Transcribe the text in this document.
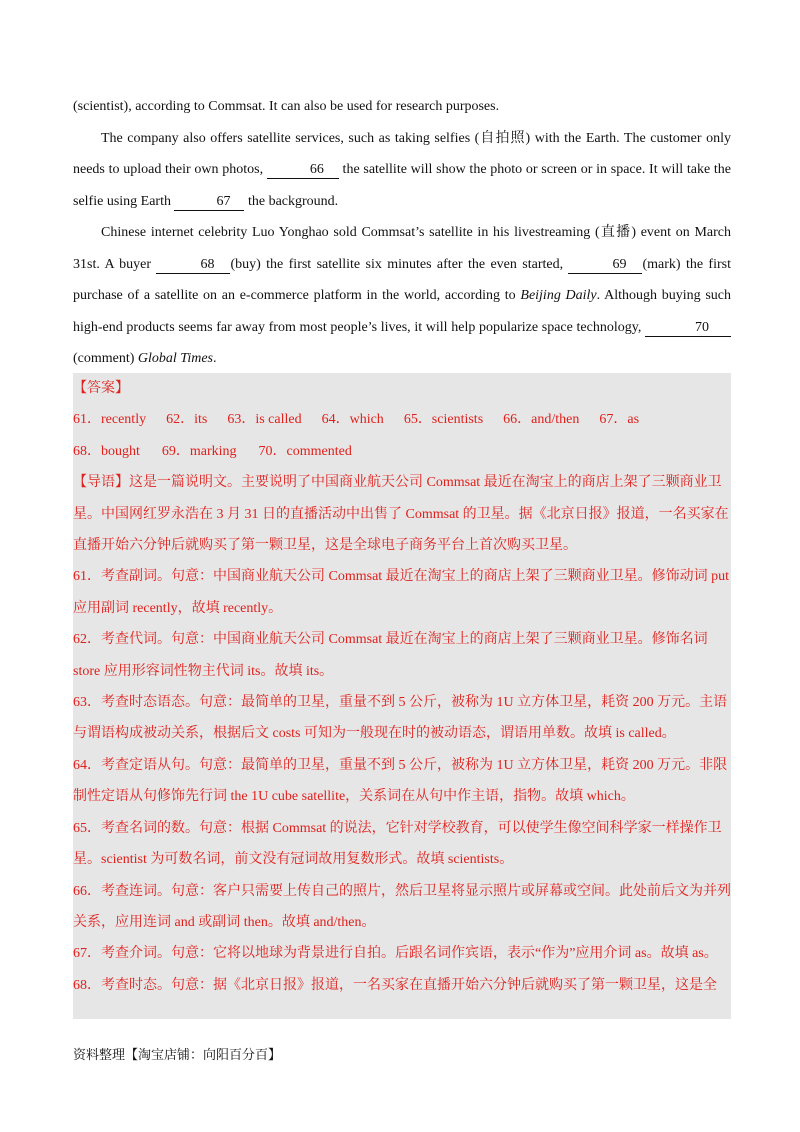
(scientist), according to Commsat. It can also be used for research purposes.

The company also offers satellite services, such as taking selfies (自拍照) with the Earth. The customer only needs to upload their own photos,	66 the satellite will show the photo or screen or in space. It will take the selfie using Earth	67 the background.

Chinese internet celebrity Luo Yonghao sold Commsat’s satellite in his livestreaming (直播) event on March 31st. A buyer	68 (buy) the first satellite six minutes after the even started,	69 (mark) the first purchase of a satellite on an e-commerce platform in the world, according to Beijing Daily. Although buying such high-end products seems far away from most people’s lives, it will help popularize space technology,	70 (comment) Global Times.

【答案】

61．recently 62．its 63．is called 64．which 65．scientists 66．and/then 67．as

68．bought 69．marking 70．commented

【导语】这是一篇说明文。主要说明了中国商业航天公司 Commsat 最近在淘宝上的商店上架了三颗商业卫星。中国网红罗永浩在 3 月 31 日的直播活动中出售了 Commsat 的卫星。据《北京日报》报道，一名买家在直播开始六分钟后就购买了第一颗卫星，这是全球电子商务平台上首次购买卫星。

61．考查副词。句意：中国商业航天公司 Commsat 最近在淘宝上的商店上架了三颗商业卫星。修饰动词 put 应用副词 recently，故填 recently。

62．考查代词。句意：中国商业航天公司 Commsat 最近在淘宝上的商店上架了三颗商业卫星。修饰名词 store 应用形容词性物主代词 its。故填 its。

63．考查时态语态。句意：最简单的卫星，重量不到 5 公斤，被称为 1U 立方体卫星，耗资 200 万元。主语与谓语构成被动关系，根据后文 costs 可知为一般现在时的被动语态，谓语用单数。故填 is called。

64．考查定语从句。句意：最简单的卫星，重量不到 5 公斤，被称为 1U 立方体卫星，耗资 200 万元。非限制性定语从句修饰先行词 the 1U cube satellite，关系词在从句中作主语，指物。故填 which。

65．考查名词的数。句意：根据 Commsat 的说法，它针对学校教育，可以使学生像空间科学家一样操作卫星。scientist 为可数名词，前文没有冠词故用复数形式。故填 scientists。

66．考查连词。句意：客户只需要上传自己的照片，然后卫星将显示照片或屏幕或空间。此处前后文为并列关系，应用连词 and 或副词 then。故填 and/then。

67．考查介词。句意：它将以地球为背景进行自拍。后跟名词作宾语，表示“作为”应用介词 as。故填 as。

68．考查时态。句意：据《北京日报》报道，一名买家在直播开始六分钟后就购买了第一颗卫星，这是全

资料整理【淘宝店铺：向阳百分百】
